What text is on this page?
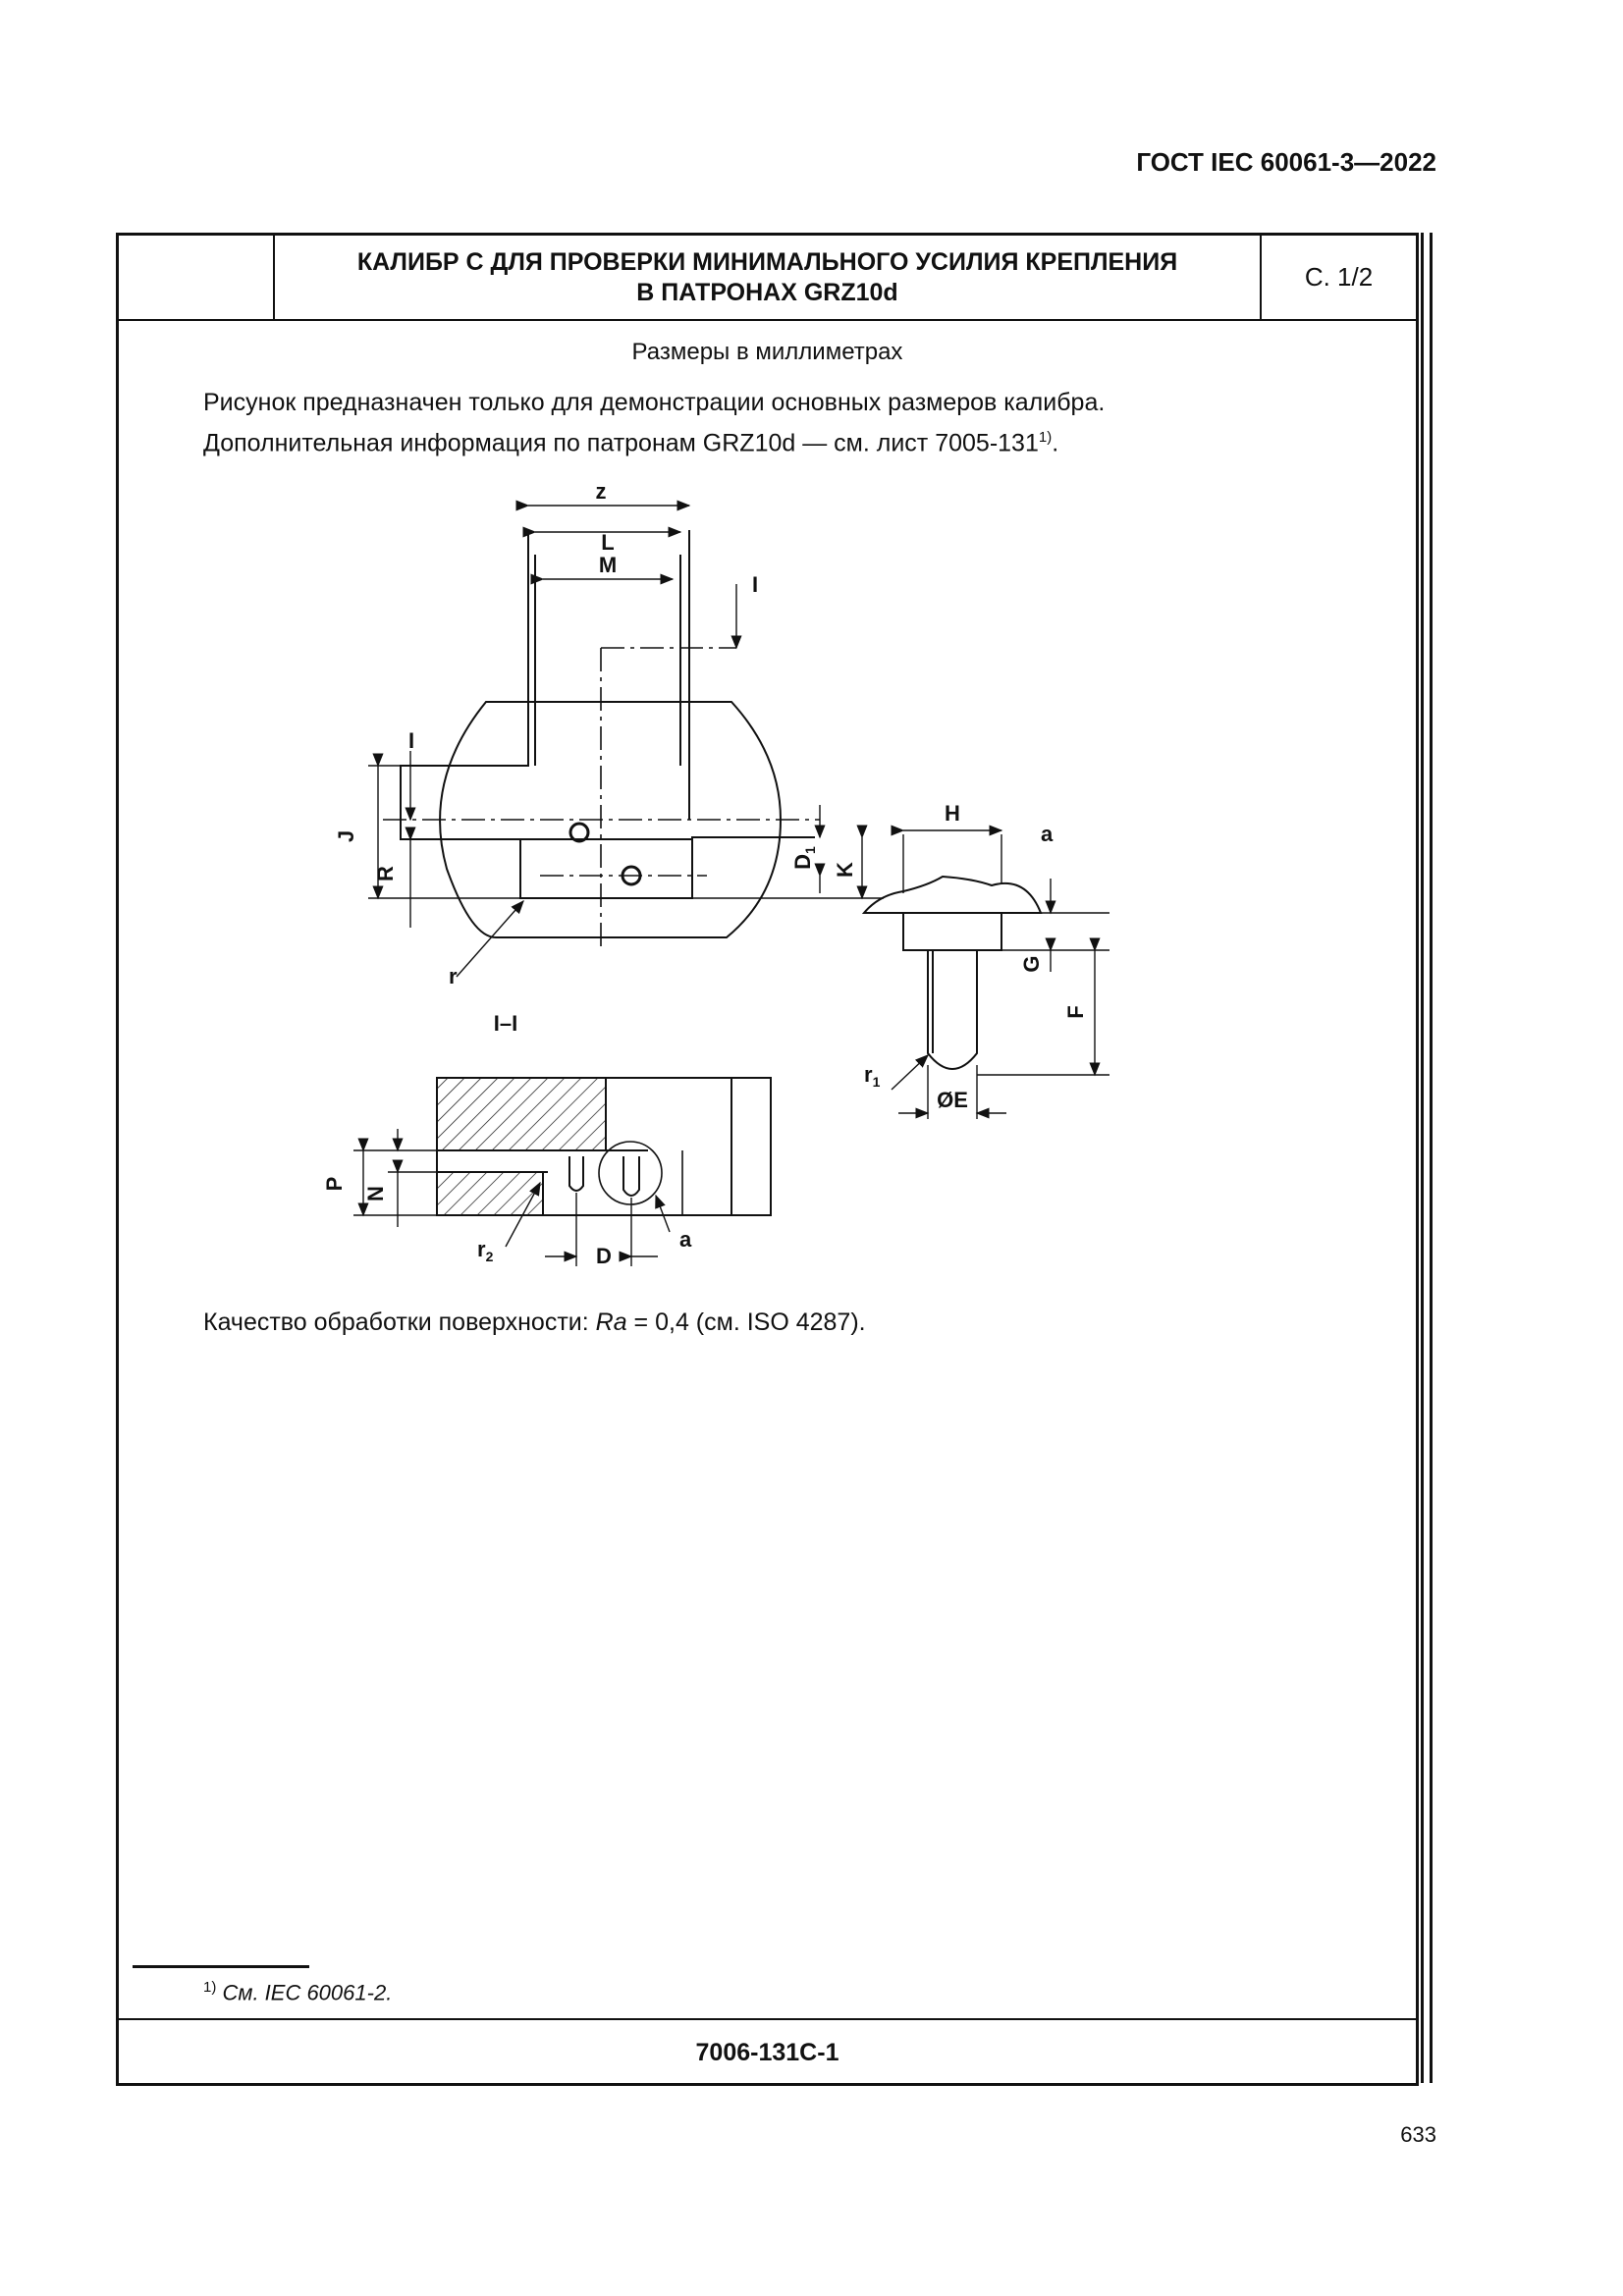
ГОСТ IEC 60061-3—2022
КАЛИБР С ДЛЯ ПРОВЕРКИ МИНИМАЛЬНОГО УСИЛИЯ КРЕПЛЕНИЯ
В ПАТРОНАХ GRZ10d
С. 1/2
Размеры в миллиметрах
Рисунок предназначен только для демонстрации основных размеров калибра.
Дополнительная информация по патронам GRZ10d — см. лист 7005-131$^{1)}$.
Качество обработки поверхности: Ra = 0,4 (см. ISO 4287).
$^{1)}$ См. IEC 60061-2.
7006-131С-1
z
L
M
I
I
J
R
$D_1$
K
r
I–I
P
N
$r_2$	D
a
H
a
G
F
$r_1$
ØE
633
